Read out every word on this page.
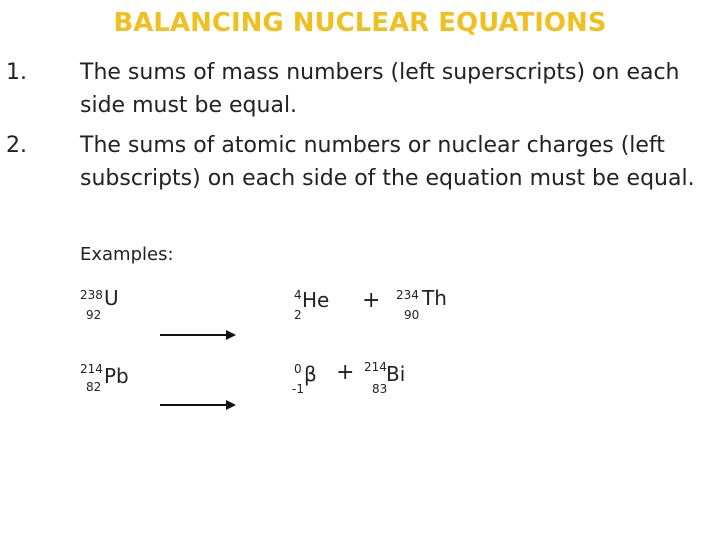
BALANCING NUCLEAR EQUATIONS
1. The sums of mass numbers (left superscripts) on each side must be equal.
2. The sums of atomic numbers or nuclear charges (left subscripts) on each side of the equation must be equal.
Examples:
238 U
92
4 He
2
+ 234 Th
90
214 Pb
82
0 β
-1
+ 214 Bi
83
